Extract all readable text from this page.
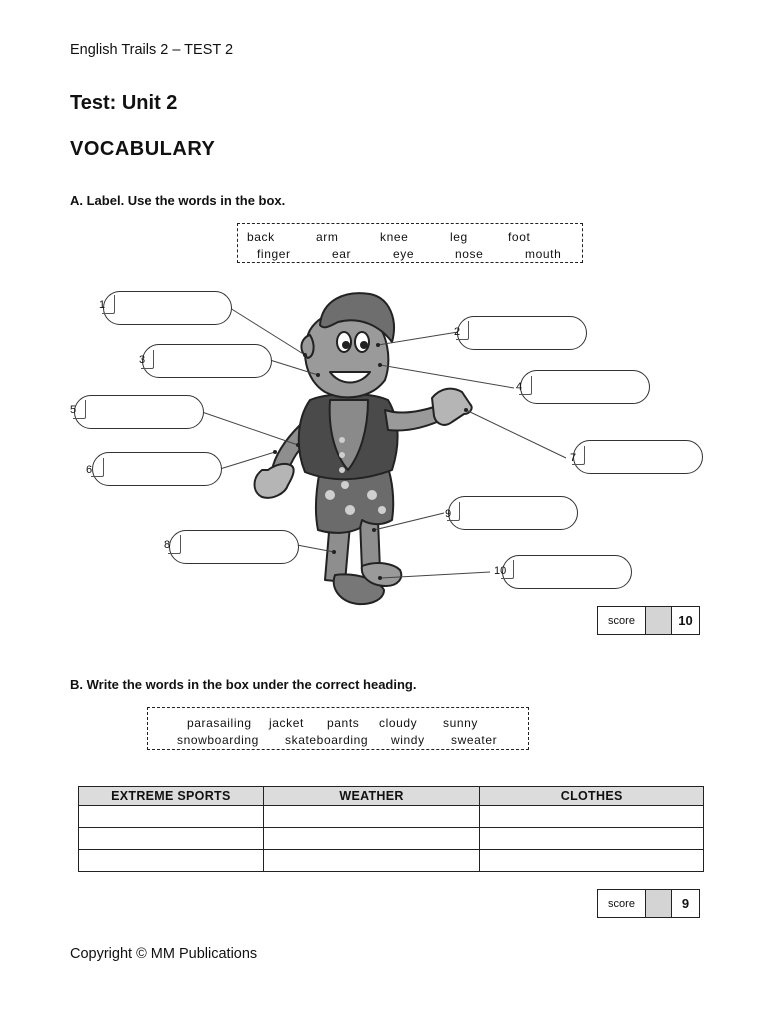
English Trails 2 – TEST 2
Test: Unit 2
VOCABULARY
A. Label. Use the words in the box.
back	arm	knee	leg	foot
finger	ear	eye	nose	mouth
1
2
3
4
5
6
7
8
9
10
score	10
B. Write the words in the box under the correct heading.
parasailing jacket pants cloudy sunny
snowboarding skateboarding windy sweater
EXTREME SPORTS	WEATHER	CLOTHES

score	9
Copyright © MM Publications
